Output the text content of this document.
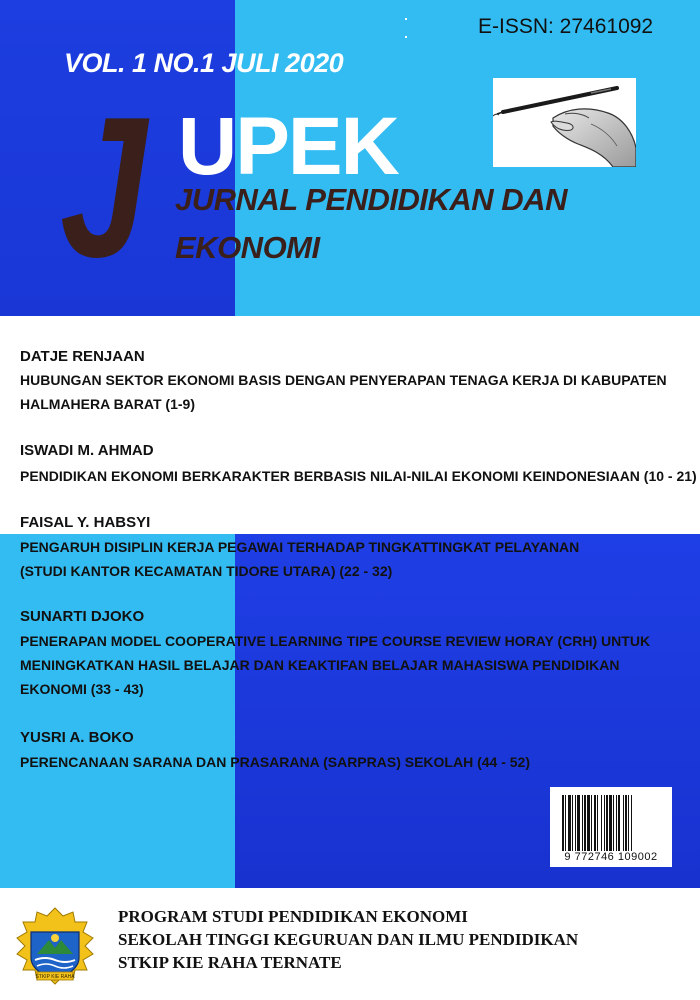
VOL. 1 NO.1 JULI 2020
E-ISSN: 27461092
J UPEK
JURNAL PENDIDIKAN DAN
EKONOMI
DATJE RENJAAN
HUBUNGAN SEKTOR EKONOMI BASIS DENGAN PENYERAPAN TENAGA KERJA DI KABUPATEN
HALMAHERA BARAT (1-9)
ISWADI M. AHMAD
PENDIDIKAN EKONOMI BERKARAKTER BERBASIS NILAI-NILAI EKONOMI KEINDONESIAAN (10 - 21)
FAISAL Y. HABSYI
PENGARUH DISIPLIN KERJA PEGAWAI TERHADAP TINGKATTINGKAT PELAYANAN
(STUDI KANTOR KECAMATAN TIDORE UTARA) (22 - 32)
SUNARTI DJOKO
PENERAPAN MODEL COOPERATIVE LEARNING TIPE COURSE REVIEW HORAY (CRH) UNTUK
MENINGKATKAN HASIL BELAJAR DAN KEAKTIFAN BELAJAR MAHASISWA PENDIDIKAN
EKONOMI (33 - 43)
YUSRI A. BOKO
PERENCANAAN SARANA DAN PRASARANA (SARPRAS) SEKOLAH (44 - 52)
9 772746 109002
STKIP KIE RAHA
PROGRAM STUDI PENDIDIKAN EKONOMI
SEKOLAH TINGGI KEGURUAN DAN ILMU PENDIDIKAN
STKIP KIE RAHA TERNATE
